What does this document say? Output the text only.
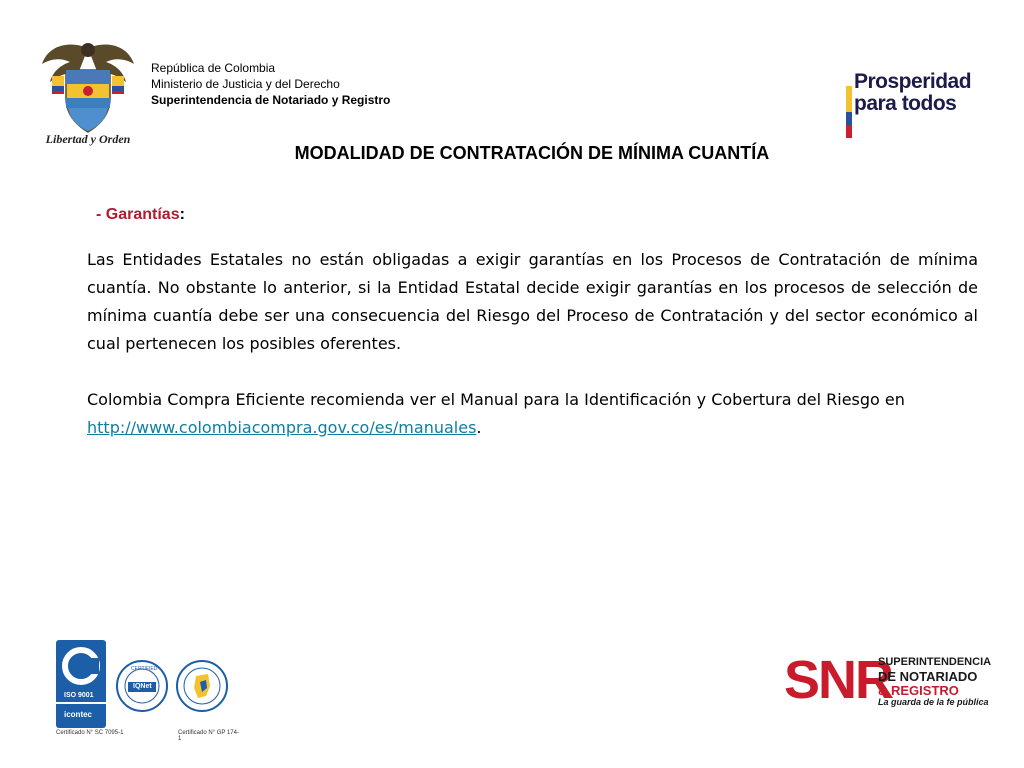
Libertad y Orden
República de Colombia
Ministerio de Justicia y del Derecho
Superintendencia de Notariado y Registro
Prosperidad
para todos
MODALIDAD DE CONTRATACIÓN DE MÍNIMA CUANTÍA
- Garantías:

Las Entidades Estatales no están obligadas a exigir garantías en los Procesos de Contratación de mínima cuantía. No obstante lo anterior, si la Entidad Estatal decide exigir garantías en los procesos de selección de mínima cuantía debe ser una consecuencia del Riesgo del Proceso de Contratación y del sector económico al cual pertenecen los posibles oferentes.

Colombia Compra Eficiente recomienda ver el Manual para la Identificación y Cobertura del Riesgo en http://www.colombiacompra.gov.co/es/manuales.

ISO 9001
icontec
Certificado N° SC 7095-1
CERTIFIED
IQNet
Certificado N° GP 174-1
SNR
SUPERINTENDENCIA
DE NOTARIADO
& REGISTRO
La guarda de la fe pública
